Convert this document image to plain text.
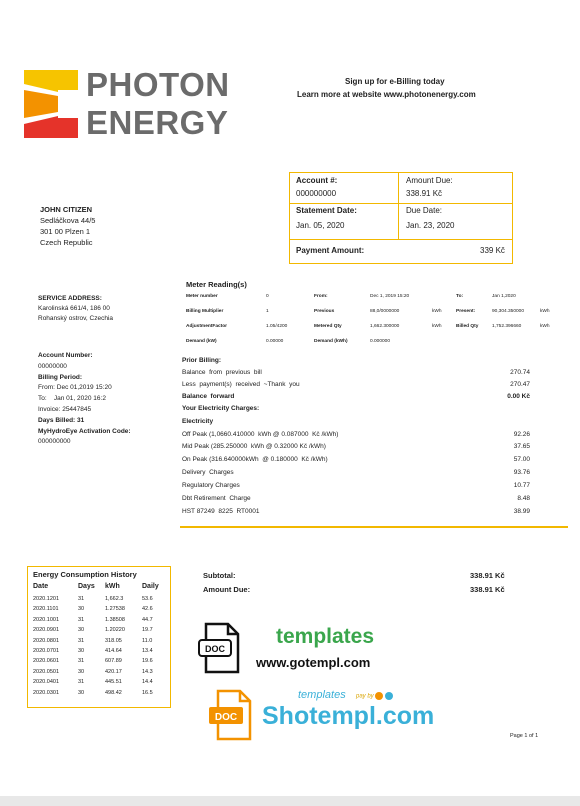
PHOTON
ENERGY
Sign up for e-Billing today
Learn more at website www.photonenergy.com
Account #:
000000000
Amount Due:
338.91 Kč
Statement Date:
Jan. 05, 2020
Due Date:
Jan. 23, 2020
Payment Amount:	339 Kč
JOHN CITIZEN
Sedláčkova 44/5
301 00 Plzen 1
Czech Republic
Meter Reading(s)
Meter number	0	From:	Dec 1, 2019 15:20	To:	Jan 1,2020
Billing Multiplier	1	Previous	88,0/0000000	kWh	Present:	90,304.350000	kWh
AdjustmentFactor	1.05/4200	Metered Qty	1,662.300000	kWh	Billed Qty	1,752.396660	kWh
Demand (kW)	0.00000	Demand (kWh)	0.000000
SERVICE ADDRESS:
Karolinská 661/4, 186 00
Rohanský ostrov, Czechia
Account Number:
00000000
Billing Period:
From: Dec 01,2019 15:20
To:    Jan 01, 2020 16:2
Invoice: 25447845
Days Billed: 31
MyHydroEye Activation Code:
000000000
Prior Billing:
Balance  from  previous  bill	270.74
Less  payment(s)  received  ~Thank  you	270.47
Balance  forward	0.00 Kč
Your Electricity Charges:
Electricity
Off Peak (1,0660.410000  kWh @ 0.087000  Kč /kWh)	92.26
Mid Peak (285.250000  kWh @ 0.32000 Kč /kWh)	37.65
On Peak (316.640000kWh  @ 0.180000  Kč /kWh)	57.00
Delivery  Charges	93.76
Regulatory Charges	10.77
Dbt Retirement  Charge	8.48
HST 87249  8225  RT0001	38.99
Energy Consumption History
Date	Days kWh	Daily
2020.1201	31	1,662.3	53.6
2020.1101	30	1.27538	42.6
2020.1001	31	1.38508	44.7
2020.0901	30	1.20220	19.7
2020.0801	31	318.05	11.0
2020.0701	30	414.64	13.4
2020.0601	31	607.89	19.6
2020.0501	30	420.17	14.3
2020.0401	31	445.51	14.4
2020.0301	30	498.42	16.5
Subtotal:	338.91 Kč
Amount Due:	338.91 Kč
DOC
templates
www.gotempl.com
DOC
templates pay by
Shotempl.com
Page 1 of 1
